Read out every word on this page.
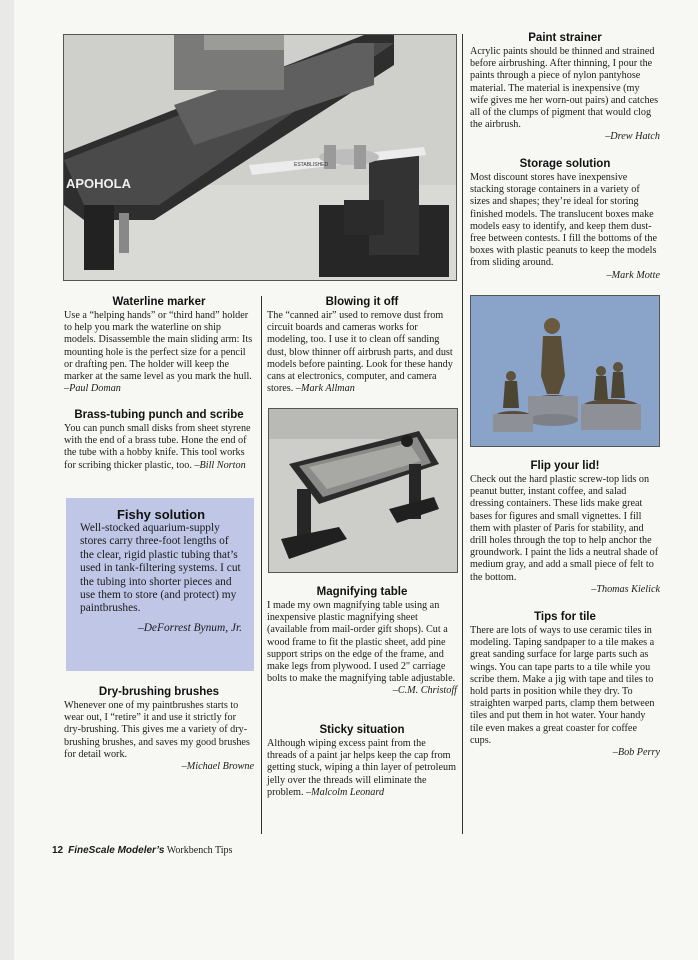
APOHOLA
ESTABLISHED
Waterline marker

Use a “helping hands” or “third hand” holder to help you mark the waterline on ship models. Disassemble the main sliding arm: Its mounting hole is the perfect size for a pencil or drafting pen. The holder will keep the marker at the same level as you mark the hull. –Paul Doman

Brass-tubing punch and scribe

You can punch small disks from sheet styrene with the end of a brass tube. Hone the end of the tube with a hobby knife. This tool works for scribing thicker plastic, too. –Bill Norton

Fishy solution

Well-stocked aquarium-supply stores carry three-foot lengths of the clear, rigid plastic tubing that’s used in tank-filtering systems. I cut the tubing into shorter pieces and use them to store (and protect) my paintbrushes.

–DeForrest Bynum, Jr.

Dry-brushing brushes

Whenever one of my paintbrushes starts to wear out, I “retire” it and use it strictly for dry-brushing. This gives me a variety of dry-brushing brushes, and saves my good brushes for detail work.

–Michael Browne

Blowing it off

The “canned air” used to remove dust from circuit boards and cameras works for modeling, too. I use it to clean off sanding dust, blow thinner off airbrush parts, and dust models before painting. Look for these handy cans at electronics, computer, and camera stores. –Mark Allman

Magnifying table

I made my own magnifying table using an inexpensive plastic magnifying sheet (available from mail-order gift shops). Cut a wood frame to fit the plastic sheet, add pine support strips on the edge of the frame, and make legs from plywood. I used 2" carriage bolts to make the magnifying table adjustable.

–C.M. Christoff

Sticky situation

Although wiping excess paint from the threads of a paint jar helps keep the cap from getting stuck, wiping a thin layer of petroleum jelly over the threads will eliminate the problem. –Malcolm Leonard

Paint strainer

Acrylic paints should be thinned and strained before airbrushing. After thinning, I pour the paints through a piece of nylon pantyhose material. The material is inexpensive (my wife gives me her worn-out pairs) and catches all of the clumps of pigment that would clog the airbrush.

–Drew Hatch

Storage solution

Most discount stores have inexpensive stacking storage containers in a variety of sizes and shapes; they’re ideal for storing finished models. The translucent boxes make models easy to identify, and keep them dust-free between contests. I fill the bottoms of the boxes with plastic peanuts to keep the models from sliding around.

–Mark Motte

Flip your lid!

Check out the hard plastic screw-top lids on peanut butter, instant coffee, and salad dressing containers. These lids make great bases for figures and small vignettes. I fill them with plaster of Paris for stability, and drill holes through the top to help anchor the groundwork. I paint the lids a neutral shade of medium gray, and add a small piece of felt to the bottom.

–Thomas Kielick

Tips for tile

There are lots of ways to use ceramic tiles in modeling. Taping sandpaper to a tile makes a great sanding surface for large parts such as wings. You can tape parts to a tile while you scribe them. Make a jig with tape and tiles to hold parts in position while they dry. To straighten warped parts, clamp them between tiles and put them in hot water. Your handy tile even makes a great coaster for coffee cups.

–Bob Perry

12 FineScale Modeler’s Workbench Tips
